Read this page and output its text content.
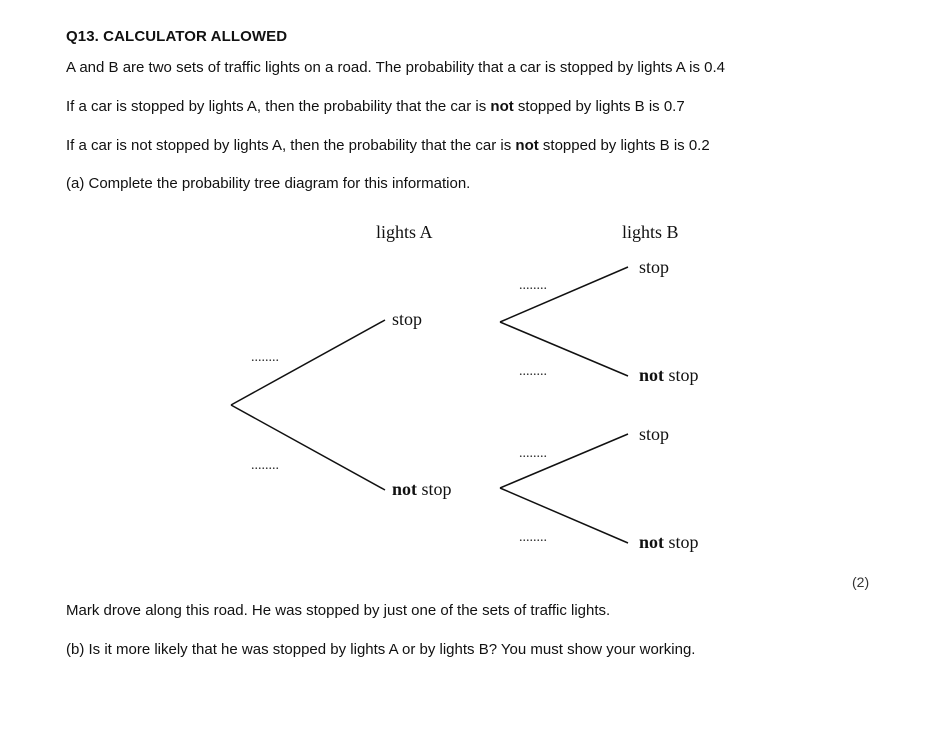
Q13. CALCULATOR ALLOWED
A and B are two sets of traffic lights on a road. The probability that a car is stopped by lights A is 0.4
If a car is stopped by lights A, then the probability that the car is not stopped by lights B is 0.7
If a car is not stopped by lights A, then the probability that the car is not stopped by lights B is 0.2
(a) Complete the probability tree diagram for this information.
lights A	lights B
stop
not stop
stop
not stop
stop
not stop
........
........
........
........
........
........
(2)
Mark drove along this road. He was stopped by just one of the sets of traffic lights.
(b) Is it more likely that he was stopped by lights A or by lights B? You must show your working.
